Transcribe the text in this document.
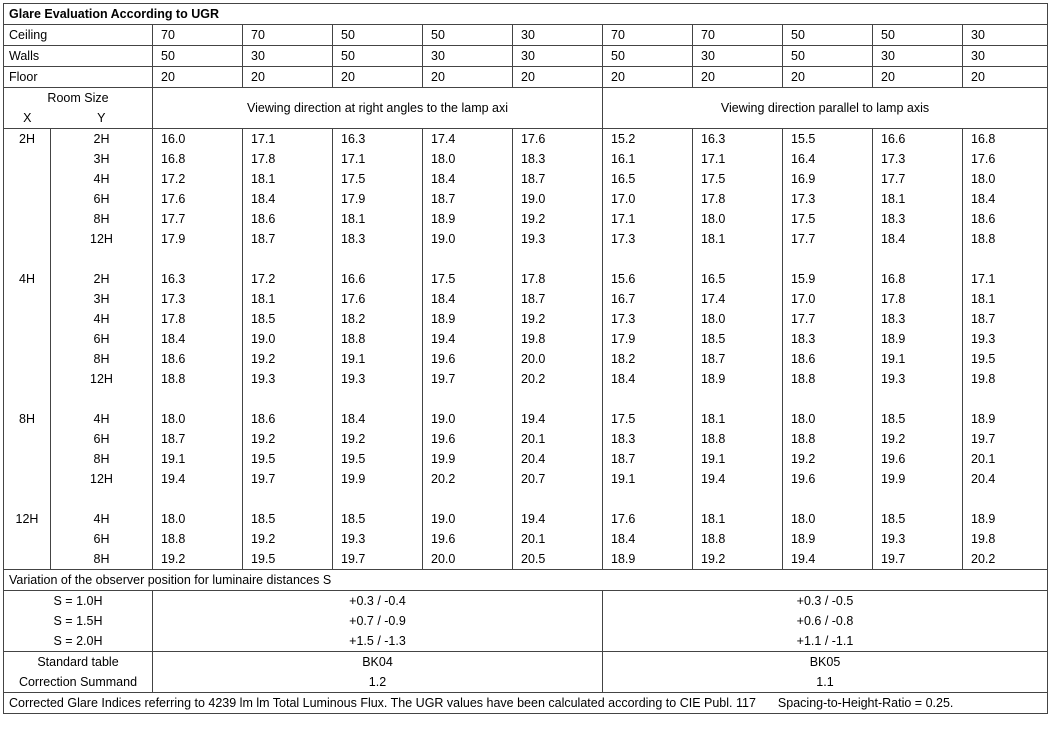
Glare Evaluation According to UGR											
Ceiling		70	70	50	50	30	70	70	50	50	30
Walls		50	30	50	30	30	50	30	50	30	30
Floor		20	20	20	20	20	20	20	20	20	20
Room Size		Viewing direction at right angles to the lamp axi					Viewing direction parallel to lamp axis				
X	Y										
2H	2H	16.0	17.1	16.3	17.4	17.6	15.2	16.3	15.5	16.6	16.8
	3H	16.8	17.8	17.1	18.0	18.3	16.1	17.1	16.4	17.3	17.6
	4H	17.2	18.1	17.5	18.4	18.7	16.5	17.5	16.9	17.7	18.0
	6H	17.6	18.4	17.9	18.7	19.0	17.0	17.8	17.3	18.1	18.4
	8H	17.7	18.6	18.1	18.9	19.2	17.1	18.0	17.5	18.3	18.6
	12H	17.9	18.7	18.3	19.0	19.3	17.3	18.1	17.7	18.4	18.8

4H	2H	16.3	17.2	16.6	17.5	17.8	15.6	16.5	15.9	16.8	17.1
	3H	17.3	18.1	17.6	18.4	18.7	16.7	17.4	17.0	17.8	18.1
	4H	17.8	18.5	18.2	18.9	19.2	17.3	18.0	17.7	18.3	18.7
	6H	18.4	19.0	18.8	19.4	19.8	17.9	18.5	18.3	18.9	19.3
	8H	18.6	19.2	19.1	19.6	20.0	18.2	18.7	18.6	19.1	19.5
	12H	18.8	19.3	19.3	19.7	20.2	18.4	18.9	18.8	19.3	19.8

8H	4H	18.0	18.6	18.4	19.0	19.4	17.5	18.1	18.0	18.5	18.9
	6H	18.7	19.2	19.2	19.6	20.1	18.3	18.8	18.8	19.2	19.7
	8H	19.1	19.5	19.5	19.9	20.4	18.7	19.1	19.2	19.6	20.1
	12H	19.4	19.7	19.9	20.2	20.7	19.1	19.4	19.6	19.9	20.4

12H	4H	18.0	18.5	18.5	19.0	19.4	17.6	18.1	18.0	18.5	18.9
	6H	18.8	19.2	19.3	19.6	20.1	18.4	18.8	18.9	19.3	19.8
	8H	19.2	19.5	19.7	20.0	20.5	18.9	19.2	19.4	19.7	20.2
Variation of the observer position for luminaire distances S											
S = 1.0H		+0.3 / -0.4					+0.3 / -0.5				
S = 1.5H		+0.7 / -0.9					+0.6 / -0.8				
S = 2.0H		+1.5 / -1.3					+1.1 / -1.1				
Standard table		BK04					BK05				
Correction Summand		1.2					1.1				
Corrected Glare Indices referring to 4239 lm lm Total Luminous Flux. The UGR values have been calculated according to CIE Publ. 117 Spacing-to-Height-Ratio = 0.25.											
